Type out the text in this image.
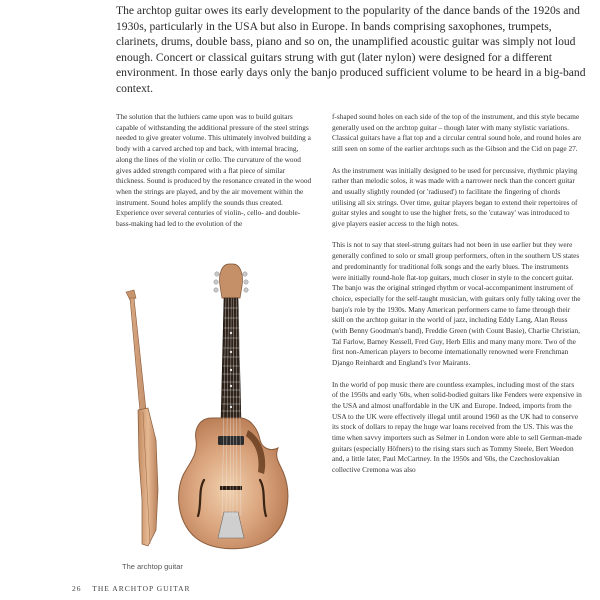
The archtop guitar owes its early development to the popularity of the dance bands of the 1920s and 1930s, particularly in the USA but also in Europe. In bands comprising saxophones, trumpets, clarinets, drums, double bass, piano and so on, the unamplified acoustic guitar was simply not loud enough. Concert or classical guitars strung with gut (later nylon) were designed for a different environment. In those early days only the banjo produced sufficient volume to be heard in a big-band context.

The solution that the luthiers came upon was to build guitars capable of withstanding the additional pressure of the steel strings needed to give greater volume. This ultimately involved building a body with a carved arched top and back, with internal bracing, along the lines of the violin or cello. The curvature of the wood gives added strength compared with a flat piece of similar thickness. Sound is produced by the resonance created in the wood when the strings are played, and by the air movement within the instrument. Sound holes amplify the sounds thus created. Experience over several centuries of violin-, cello- and double-bass-making had led to the evolution of the

f-shaped sound holes on each side of the top of the instrument, and this style became generally used on the archtop guitar – though later with many stylistic variations. Classical guitars have a flat top and a circular central sound hole, and round holes are still seen on some of the earlier archtops such as the Gibson and the Cid on page 27.

As the instrument was initially designed to be used for percussive, rhythmic playing rather than melodic solos, it was made with a narrower neck than the concert guitar and usually slightly rounded (or 'radiused') to facilitate the fingering of chords utilising all six strings. Over time, guitar players began to extend their repertoires of guitar styles and sought to use the higher frets, so the 'cutaway' was introduced to give players easier access to the high notes.

This is not to say that steel-strung guitars had not been in use earlier but they were generally confined to solo or small group performers, often in the southern US states and predominantly for traditional folk songs and the early blues. The instruments were initially round-hole flat-top guitars, much closer in style to the concert guitar. The banjo was the original stringed rhythm or vocal-accompaniment instrument of choice, especially for the self-taught musician, with guitars only fully taking over the banjo's role by the 1930s. Many American performers came to fame through their skill on the archtop guitar in the world of jazz, including Eddy Lang, Alan Reuss (with Benny Goodman's band), Freddie Green (with Count Basie), Charlie Christian, Tal Farlow, Barney Kessell, Fred Guy, Herb Ellis and many many more. Two of the first non-American players to become internationally renowned were Frenchman Django Reinhardt and England's Ivor Mairants.

In the world of pop music there are countless examples, including most of the stars of the 1950s and early '60s, when solid-bodied guitars like Fenders were expensive in the USA and almost unaffordable in the UK and Europe. Indeed, imports from the USA to the UK were effectively illegal until around 1960 as the UK had to conserve its stock of dollars to repay the huge war loans received from the US. This was the time when savvy importers such as Selmer in London were able to sell German-made guitars (especially Höfners) to the rising stars such as Tommy Steele, Bert Weedon and, a little later, Paul McCartney. In the 1950s and '60s, the Czechoslovakian collective Cremona was also

The archtop guitar
26 THE ARCHTOP GUITAR
